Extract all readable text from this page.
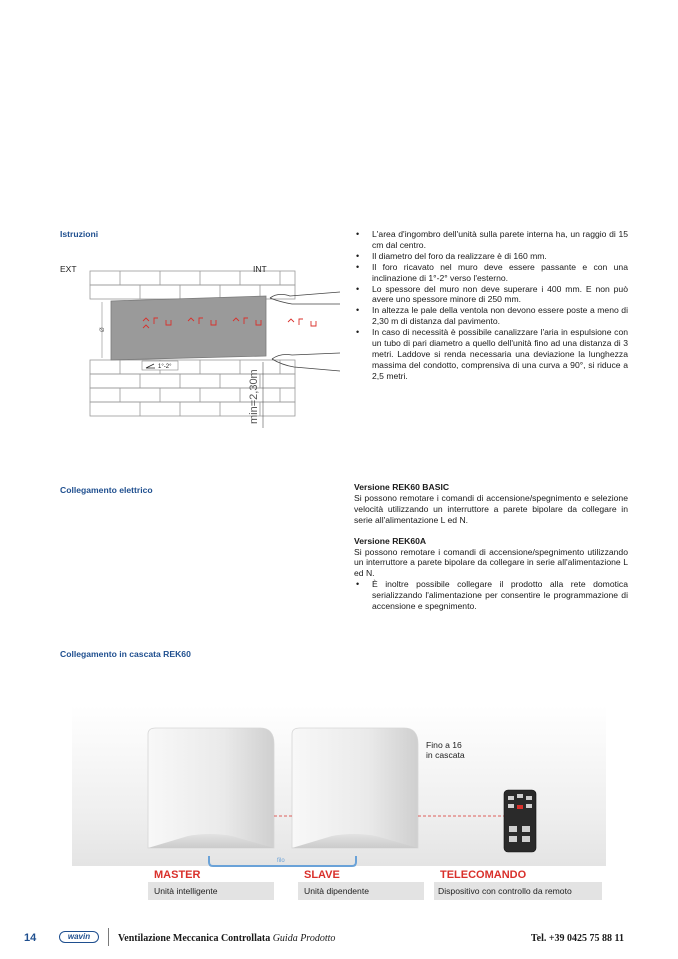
Istruzioni
Collegamento elettrico
Collegamento in cascata REK60
Ø
1°-2°
min=2,30m
EXT	INT
• L'area d'ingombro dell'unità sulla parete interna ha, un raggio di 15 cm dal centro.
• Il diametro del foro da realizzare è di 160 mm.
• Il foro ricavato nel muro deve essere passante e con una inclinazione di 1°-2° verso l'esterno.
• Lo spessore del muro non deve superare i 400 mm. E non può avere uno spessore minore di 250 mm.
• In altezza le pale della ventola non devono essere poste a meno di 2,30 m di distanza dal pavimento.
• In caso di necessità è possibile canalizzare l'aria in espulsione con un tubo di pari diametro a quello dell'unità fino ad una distanza di 3 metri. Laddove si renda necessaria una deviazione la lunghezza massima del condotto, comprensiva di una curva a 90°, si riduce a 2,5 metri.
Versione REK60 BASIC

Si possono remotare i comandi di accensione/spegnimento e selezione velocità utilizzando un interruttore a parete bipolare da collegare in serie all'alimentazione L ed N.

Versione REK60A

Si possono remotare i comandi di accensione/spegnimento utilizzando un interruttore a parete bipolare da collegare in serie all'alimentazione L ed N.

• È inoltre possibile collegare il prodotto alla rete domotica serializzando l'alimentazione per consentire le programmazione di accensione e spegnimento.
filo
Fino a 16
in cascata
MASTER
Unità intelligente
SLAVE
Unità dipendente
TELECOMANDO
Dispositivo con controllo da remoto
14	wavin	Ventilazione Meccanica Controllata Guida Prodotto	Tel. +39 0425 75 88 11
